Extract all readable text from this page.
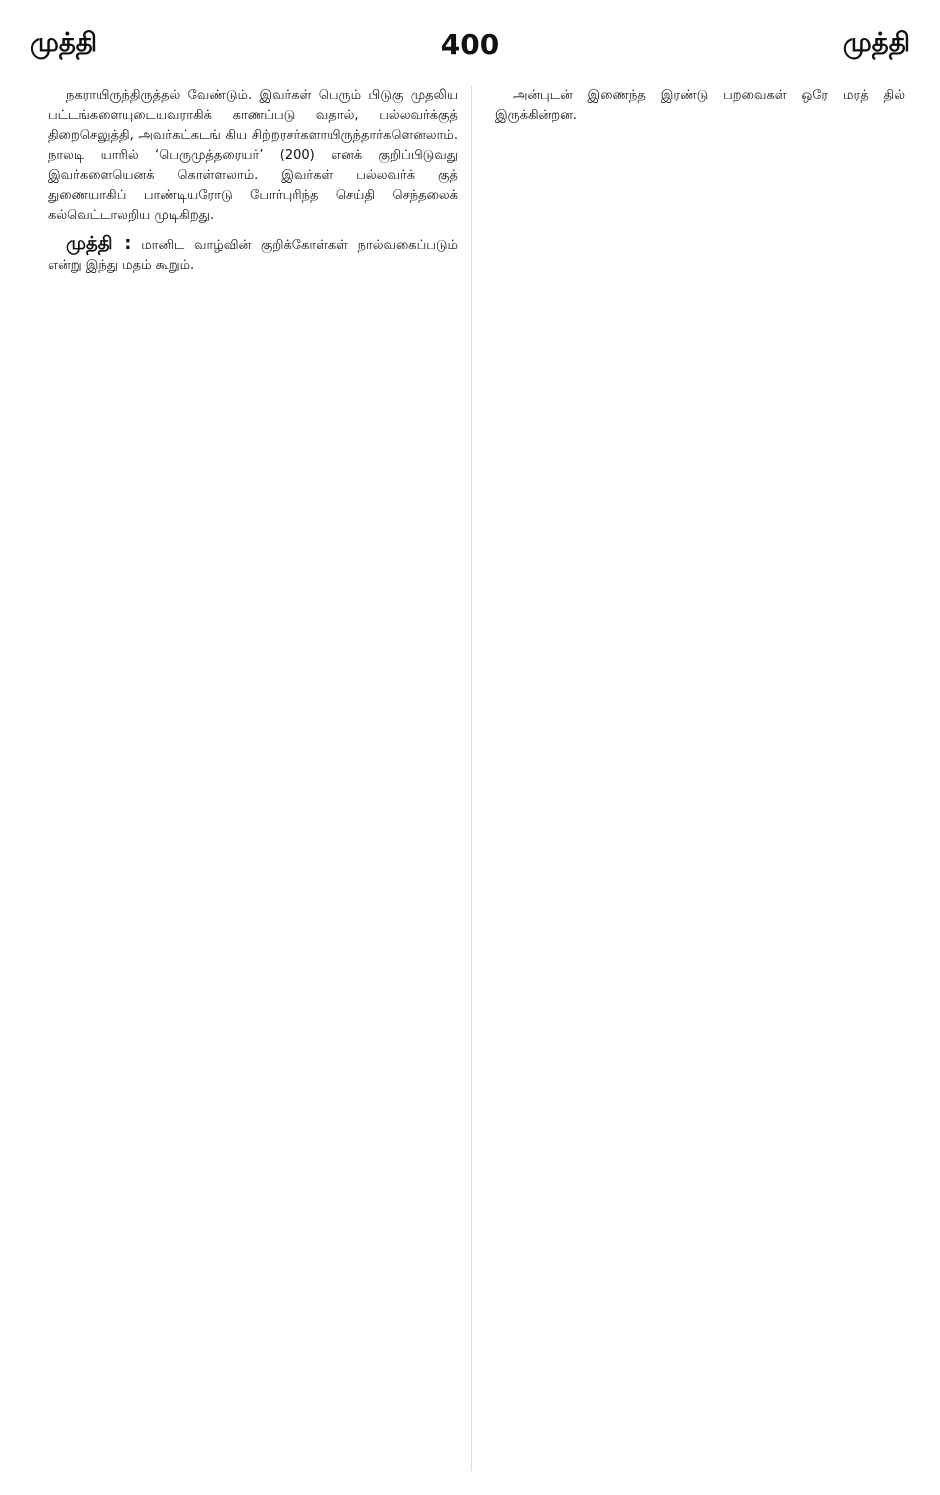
முத்தி	400	முத்தி

நகராயிருந்திருத்தல் வேண்டும். இவர்கள் பெரும் பிடுகு முதலிய பட்டங்களையுடையவராகிக் காணப்படு வதால், பல்லவர்க்குத் திறைசெலுத்தி, அவர்கட்கடங் கிய சிற்றரசர்களாயிருந்தார்களெனலாம். நாலடி யாரில் ‘பெருமுத்தரையர்’ (200) எனக் குறிப்பிடுவது இவர்களையெனக் கொள்ளலாம். இவர்கள் பல்லவர்க் குத் துணையாகிப் பாண்டியரோடு போர்புரிந்த செய்தி செந்தலைக் கல்வெட்டாலறிய முடிகிறது.

முத்தி : மானிட வாழ்வின் குறிக்கோள்கள் நால்வகைப்படும் என்று இந்து மதம் கூறும்.

அன்புடன் இணைந்த இரண்டு பறவைகள் ஒரே மரத் தில் இருக்கின்றன.
